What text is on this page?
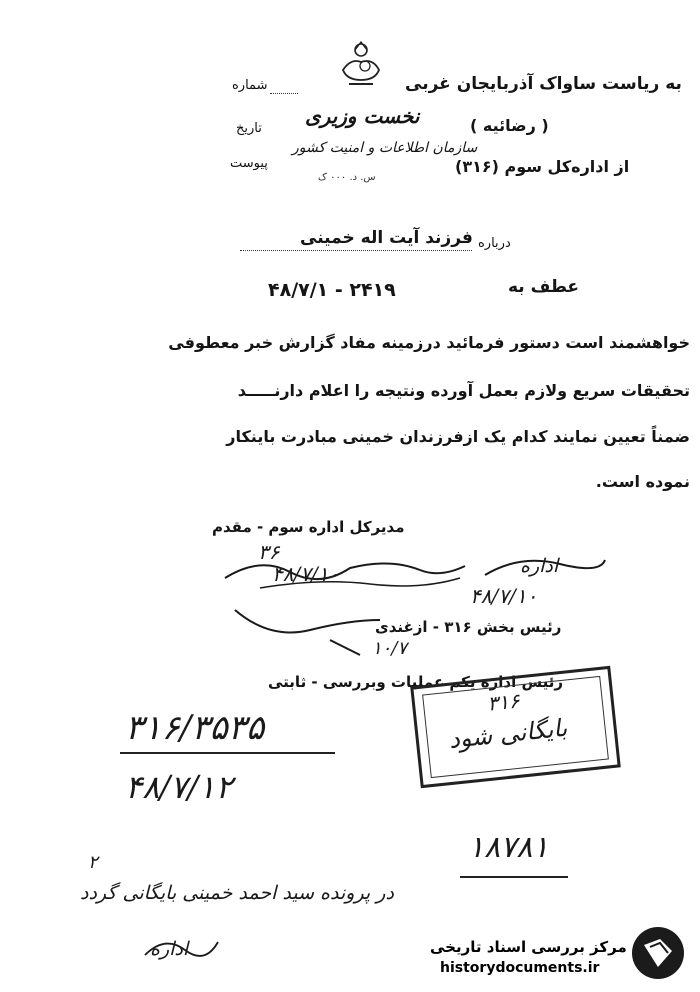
نخست وزیری
سازمان اطلاعات و امنیت کشور
س. د. ۰۰۰ ک
شماره
تاریخ
پیوست
به ریاست ساواک آذربایجان غربی
( رضائیه )
از اداره‌کل سوم (۳۱۶)
درباره
فرزند آیت اله خمینی
عطف به
۲۴۱۹ - ۴۸/۷/۱
خواهشمند است دستور فرمائید درزمینه مفاد گزارش خبر معطوفی
تحقیقات سریع ولازم بعمل آورده ونتیجه را اعلام دارنـــــد
ضمناً تعیین نمایند کدام یک ازفرزندان خمینی مبادرت باینکار
نموده است.
مدیرکل اداره سوم - مقدم
۳۶
۴۸/۷/۱۰	اداره
۴۸/۷/۱۰
رئیس بخش ۳۱۶ - ازغندی
۱۰/۷
رئیس اداره یکم عملیات وبررسی - ثابتی
۳۱۶
بایگانی شود
۳۱۶/۳۵۳۵
۴۸/۷/۱۲
۱۸۷۸۱
۲
در پرونده سید احمد خمینی بایگانی گردد
اداره	مرکز بررسی اسناد تاریخی
historydocuments.ir
